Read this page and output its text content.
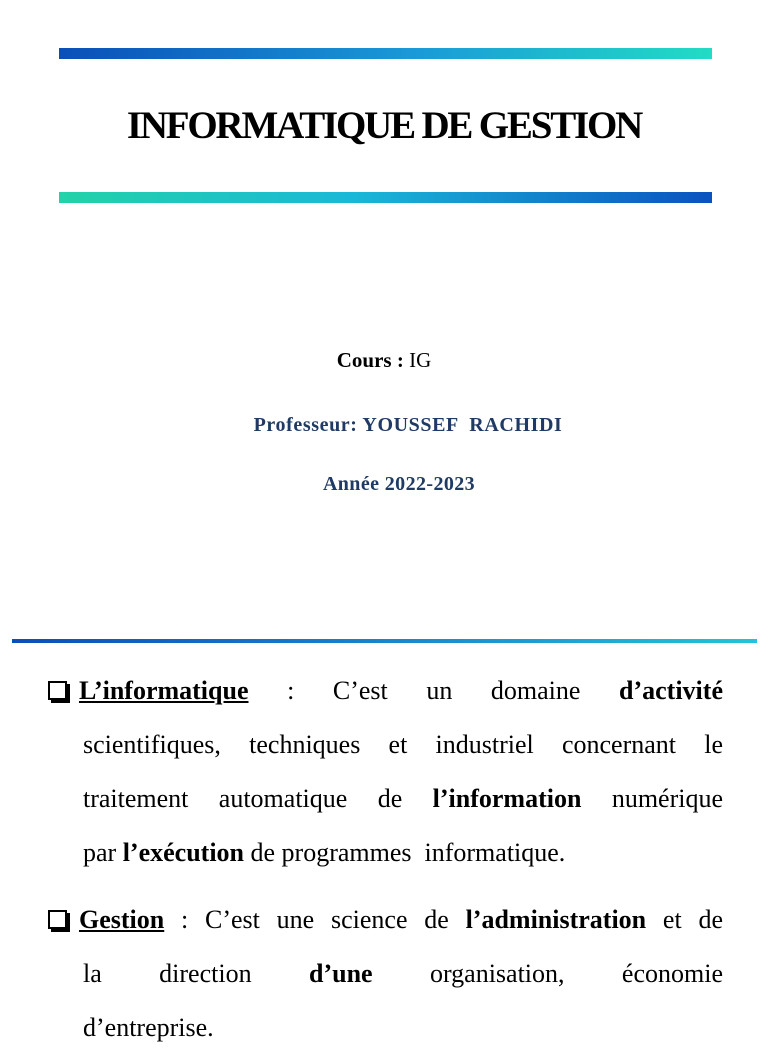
INFORMATIQUE DE GESTION
Cours : IG
Professeur: YOUSSEF  RACHIDI
Année 2022-2023
L’informatique : C’est un domaine d’activité
scientifiques, techniques et industriel concernant le
traitement automatique de l’information numérique
par l’exécution de programmes  informatique.
Gestion : C’est une science de l’administration et de
la direction d’une organisation, économie
d’entreprise.
